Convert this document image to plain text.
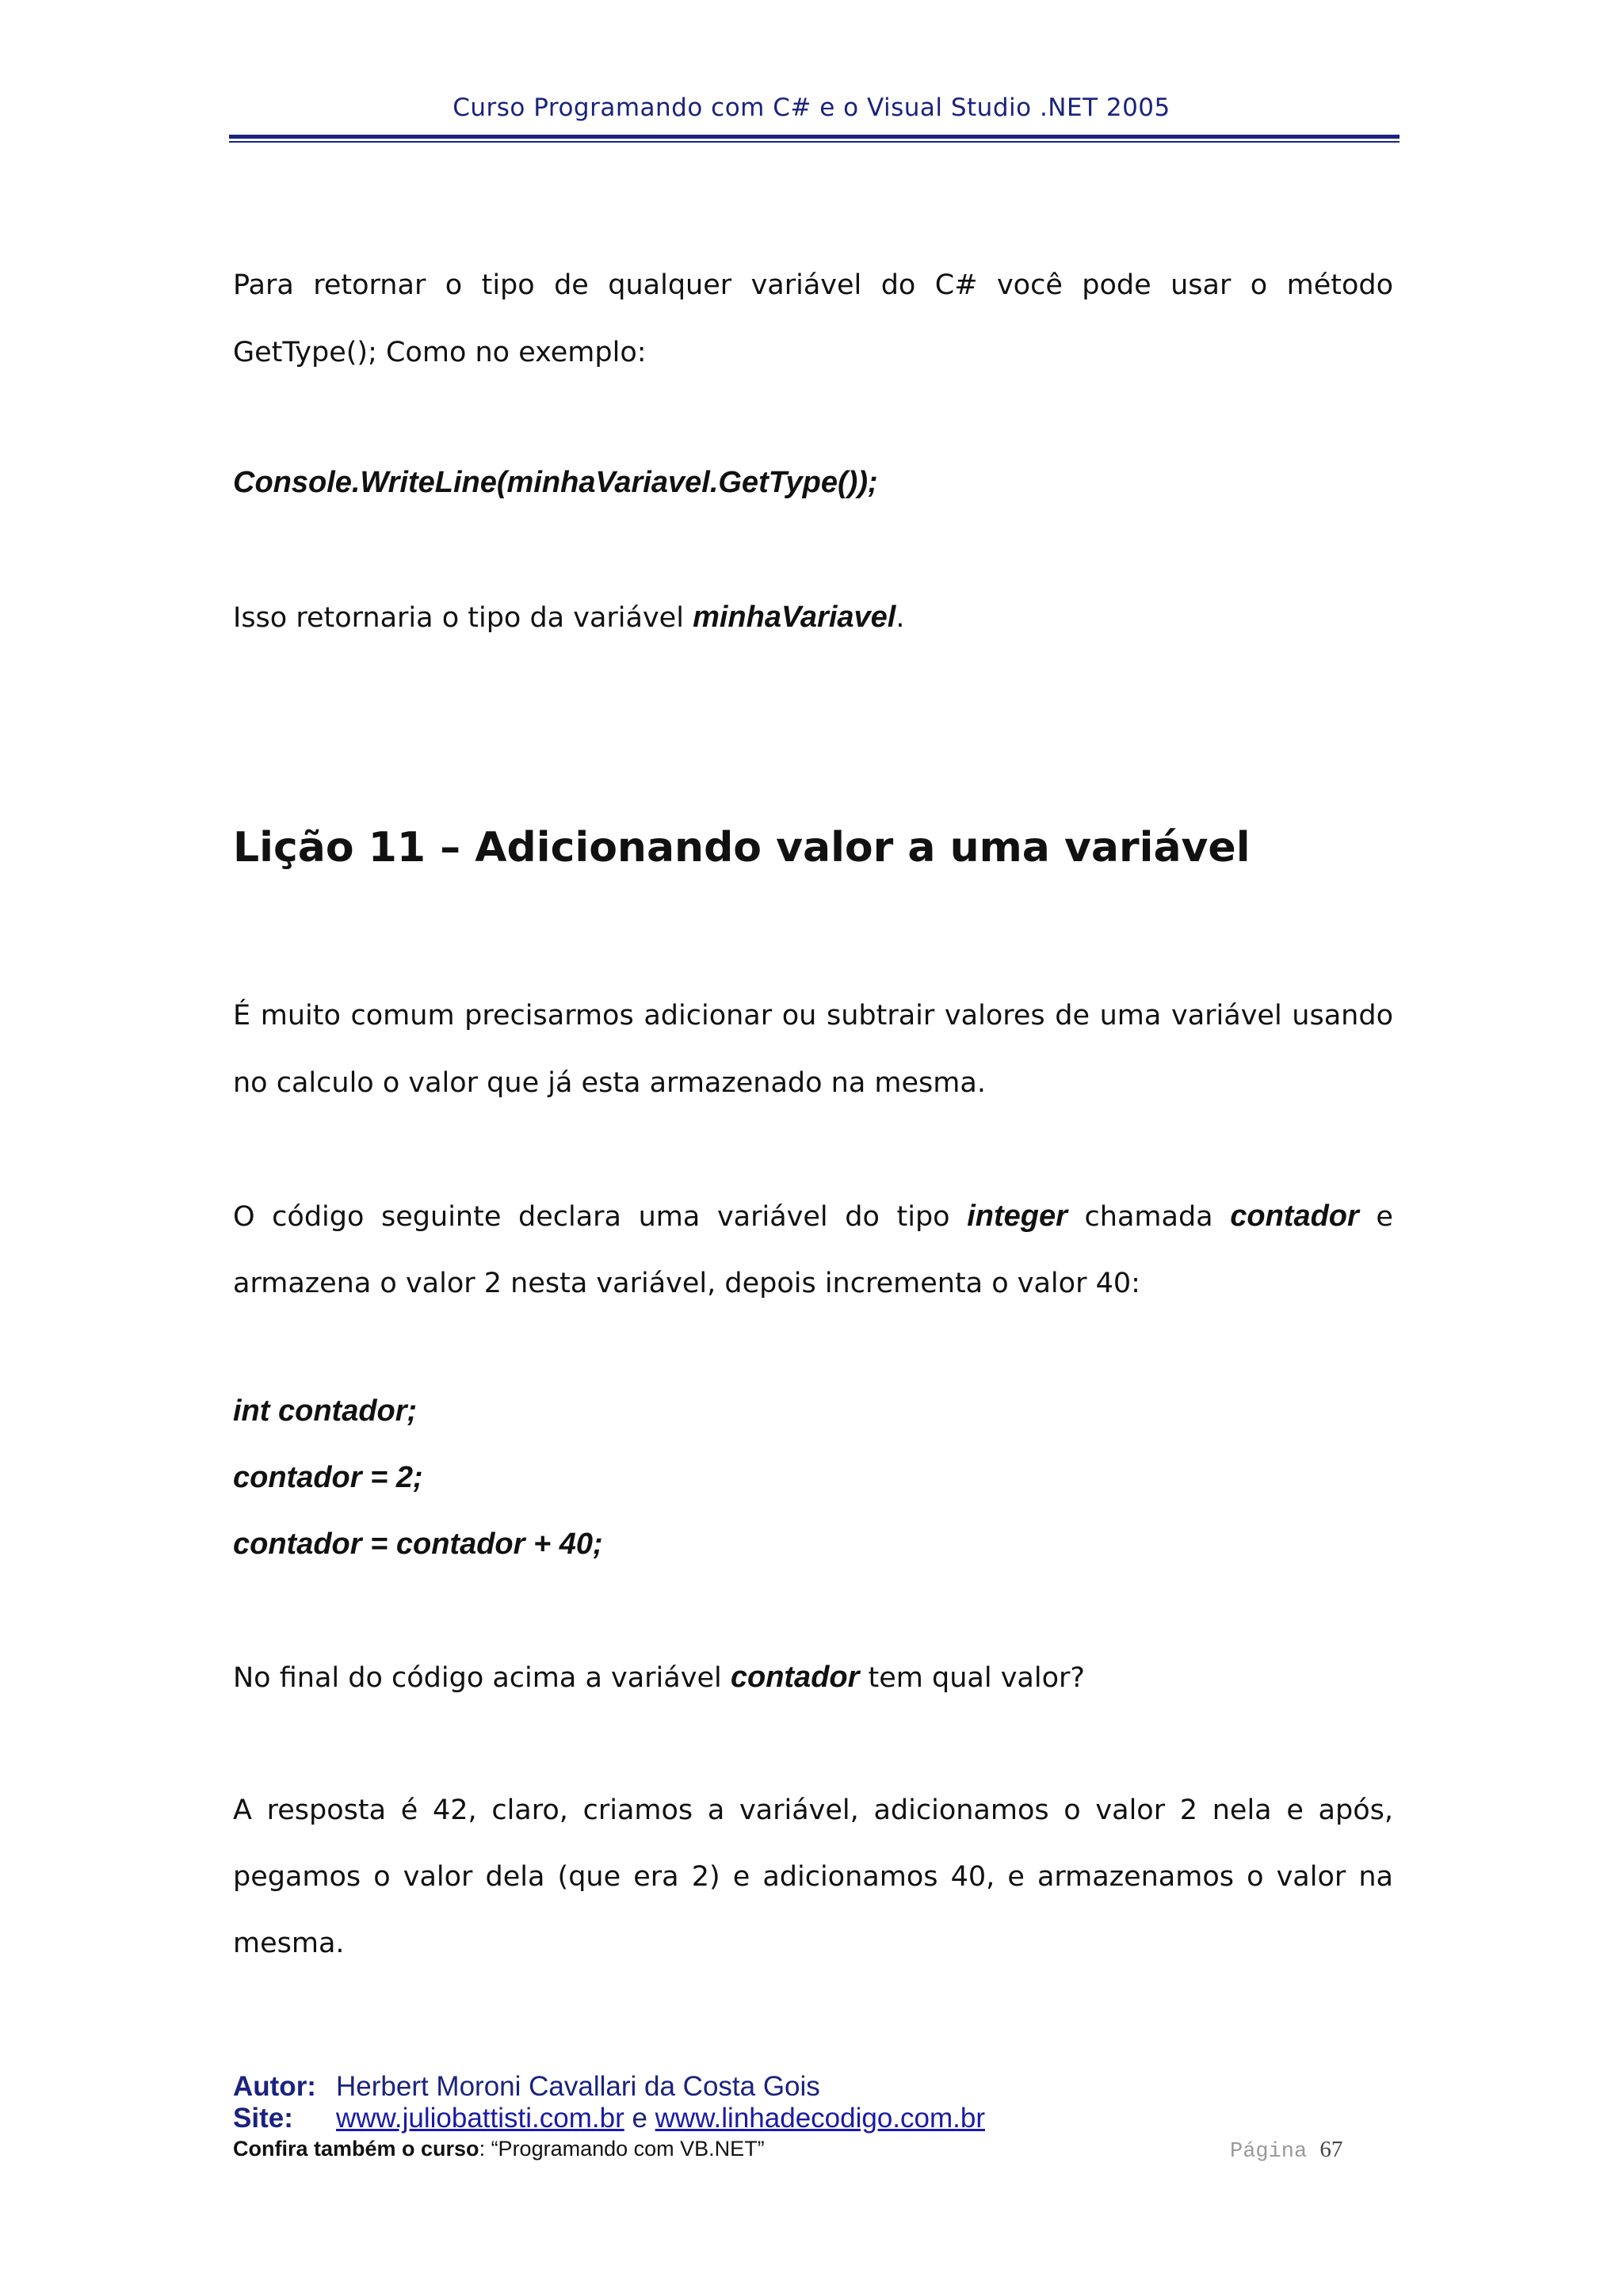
Curso Programando com C# e o Visual Studio .NET 2005

Para retornar o tipo de qualquer variável do C# você pode usar o método

GetType(); Como no exemplo:

Console.WriteLine(minhaVariavel.GetType());

Isso retornaria o tipo da variável minhaVariavel.

Lição 11 – Adicionando valor a uma variável

É muito comum precisarmos adicionar ou subtrair valores de uma variável usando

no calculo o valor que já esta armazenado na mesma.

O código seguinte declara uma variável do tipo integer chamada contador e

armazena o valor 2 nesta variável, depois incrementa o valor 40:

int contador;

contador = 2;

contador = contador + 40;

No final do código acima a variável contador tem qual valor?

A resposta é 42, claro, criamos a variável, adicionamos o valor 2 nela e após,

pegamos o valor dela (que era 2) e adicionamos 40, e armazenamos o valor na

mesma.

Autor: Herbert Moroni Cavallari da Costa Gois
Site: www.juliobattisti.com.br e www.linhadecodigo.com.br
Confira também o curso: “Programando com VB.NET”	Página 67
